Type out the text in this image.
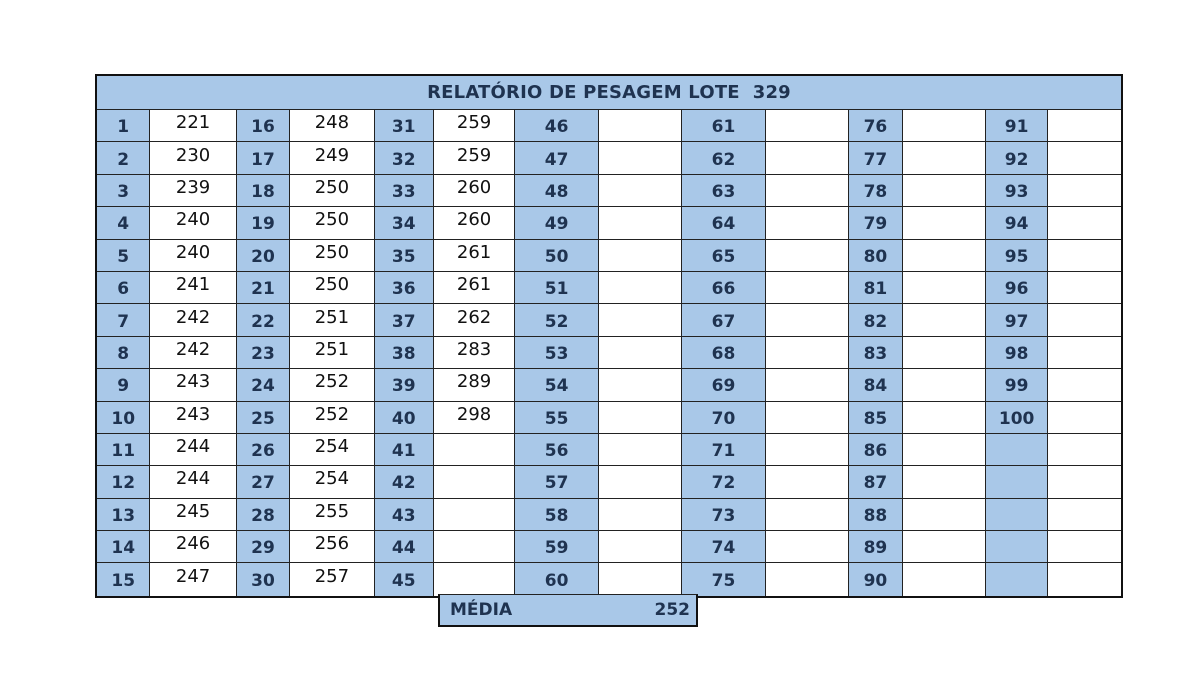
RELATÓRIO DE PESAGEM LOTE  329
1
2
3
4
5
6
7
8
9
10
11
12
13
14
15
221
230
239
240
240
241
242
242
243
243
244
244
245
246
247
16
17
18
19
20
21
22
23
24
25
26
27
28
29
30
248
249
250
250
250
250
251
251
252
252
254
254
255
256
257
31
32
33
34
35
36
37
38
39
40
41
42
43
44
45
259
259
260
260
261
261
262
283
289
298
46
47
48
49
50
51
52
53
54
55
56
57
58
59
60
61
62
63
64
65
66
67
68
69
70
71
72
73
74
75
76
77
78
79
80
81
82
83
84
85
86
87
88
89
90
91
92
93
94
95
96
97
98
99
100
MÉDIA	252
